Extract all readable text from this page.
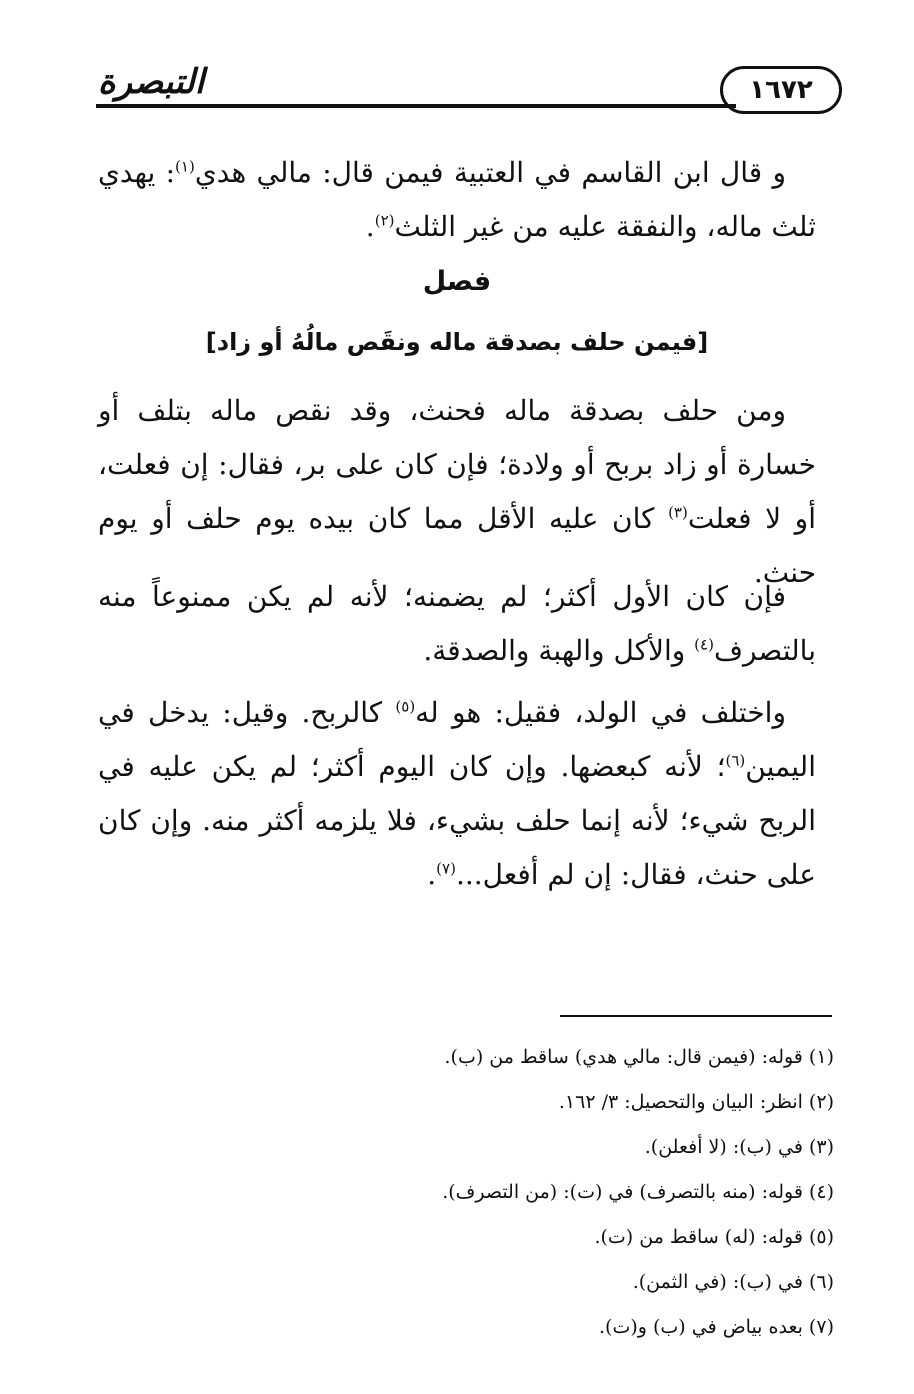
١٦٧٢
التبصرة

و قال ابن القاسم في العتبية فيمن قال: مالي هدي$^{(١)}$: يهدي ثلث ماله، والنفقة عليه من غير الثلث$^{(٢)}$.

فصل
[فيمن حلف بصدقة ماله ونقَص مالُهُ أو زاد]

ومن حلف بصدقة ماله فحنث، وقد نقص ماله بتلف أو خسارة أو زاد بربح أو ولادة؛ فإن كان على بر، فقال: إن فعلت، أو لا فعلت$^{(٣)}$ كان عليه الأقل مما كان بيده يوم حلف أو يوم حنث.

فإن كان الأول أكثر؛ لم يضمنه؛ لأنه لم يكن ممنوعاً منه بالتصرف$^{(٤)}$ والأكل والهبة والصدقة.

واختلف في الولد، فقيل: هو له$^{(٥)}$ كالربح. وقيل: يدخل في اليمين$^{(٦)}$؛ لأنه كبعضها. وإن كان اليوم أكثر؛ لم يكن عليه في الربح شيء؛ لأنه إنما حلف بشيء، فلا يلزمه أكثر منه. وإن كان على حنث، فقال: إن لم أفعل...$^{(٧)}$.

(١) قوله: (فيمن قال: مالي هدي) ساقط من (ب).
(٢) انظر: البيان والتحصيل: ٣/ ١٦٢.
(٣) في (ب): (لا أفعلن).
(٤) قوله: (منه بالتصرف) في (ت): (من التصرف).
(٥) قوله: (له) ساقط من (ت).
(٦) في (ب): (في الثمن).
(٧) بعده بياض في (ب) و(ت).
